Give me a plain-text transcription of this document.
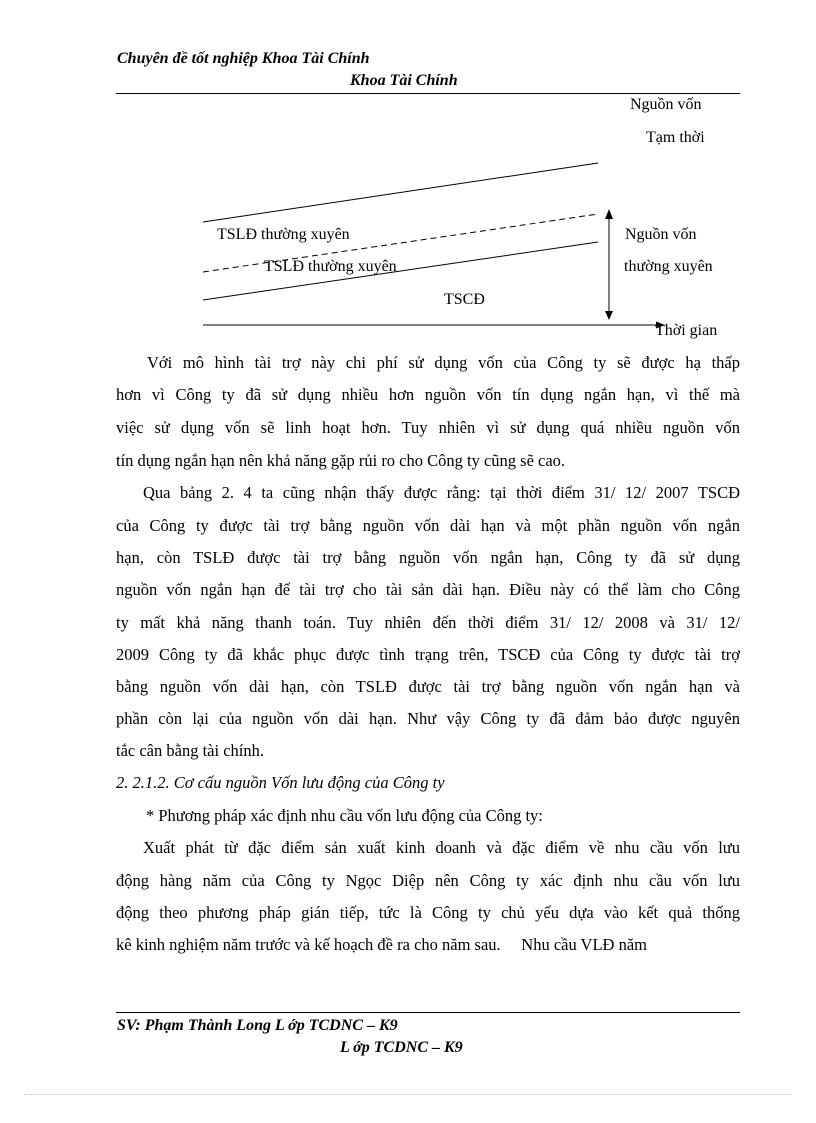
Chuyên đề tốt nghiệp Khoa Tài Chính
Khoa Tài Chính
Nguồn vốn
Tạm thời
TSLĐ thường xuyên
TSLĐ thường xuyên
Nguồn vốn
thường xuyên
TSCĐ
Thời gian
Với mô hình tài trợ này chi phí sử dụng vốn của Công ty sẽ được hạ thấp
hơn vì Công ty đã sử dụng nhiều hơn nguồn vốn tín dụng ngắn hạn, vì thế mà
việc sử dụng vốn sẽ linh hoạt hơn. Tuy nhiên vì sử dụng quá nhiều nguồn vốn
tín dụng ngắn hạn nên khả năng gặp rủi ro cho Công ty cũng sẽ cao.
Qua bảng 2. 4 ta cũng nhận thấy được rằng: tại thời điểm 31/ 12/ 2007 TSCĐ
của Công ty được tài trợ bằng nguồn vốn dài hạn và một phần nguồn vốn ngắn
hạn, còn TSLĐ được tài trợ bằng nguồn vốn ngắn hạn, Công ty đã sử dụng
nguồn vốn ngắn hạn để tài trợ cho tài sản dài hạn. Điều này có thể làm cho Công
ty mất khả năng thanh toán. Tuy nhiên đến thời điểm 31/ 12/ 2008 và 31/ 12/
2009 Công ty đã khắc phục được tình trạng trên, TSCĐ của Công ty được tài trợ
bằng nguồn vốn dài hạn, còn TSLĐ được tài trợ bằng nguồn vốn ngắn hạn và
phần còn lại của nguồn vốn dài hạn. Như vậy Công ty đã đảm bảo được nguyên
tắc cân bằng tài chính.
2. 2.1.2. Cơ cấu nguồn Vốn lưu động của Công ty
* Phương pháp xác định nhu cầu vốn lưu động của Công ty:
Xuất phát từ đặc điểm sản xuất kinh doanh và đặc điểm về nhu cầu vốn lưu
động hàng năm của Công ty Ngọc Diệp nên Công ty xác định nhu cầu vốn lưu
động theo phương pháp gián tiếp, tức là Công ty chủ yếu dựa vào kết quả thống
kê kinh nghiệm năm trước và kế hoạch đề ra cho năm sau.     Nhu cầu VLĐ năm
SV: Phạm Thành Long L ớp TCDNC – K9
L ớp TCDNC – K9
